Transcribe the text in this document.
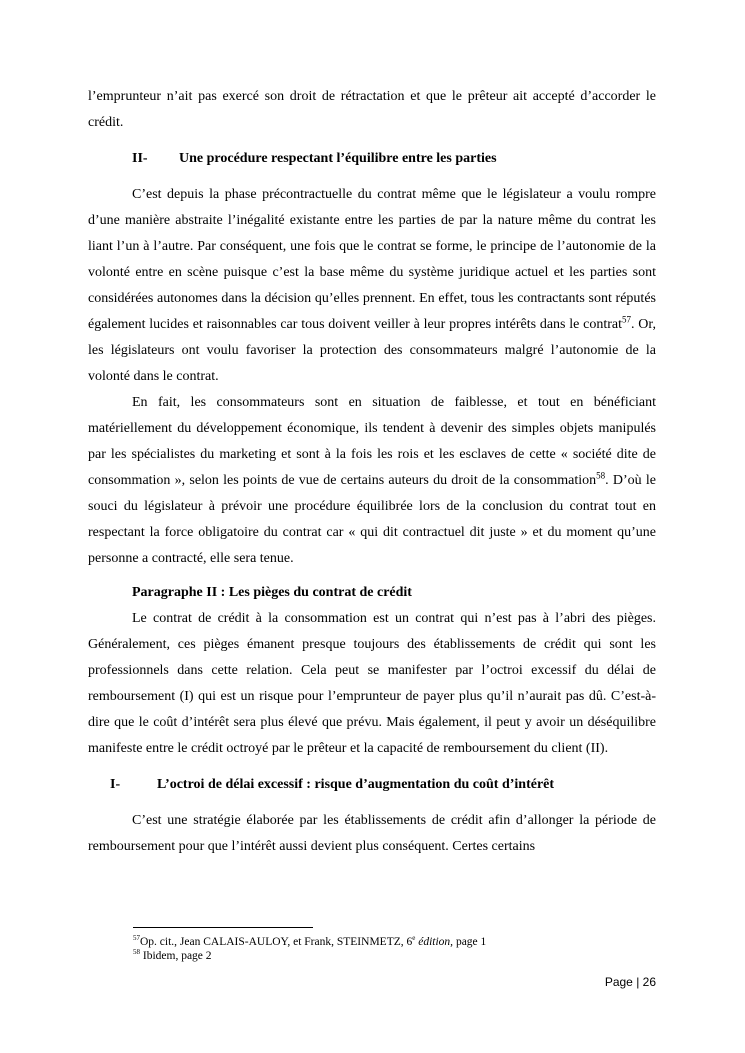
l’emprunteur n’ait pas exercé son droit de rétractation et que le prêteur ait accepté d’accorder le crédit.

II-	Une procédure respectant l’équilibre entre les parties

C’est depuis la phase précontractuelle du contrat même que le législateur a voulu rompre d’une manière abstraite l’inégalité existante entre les parties de par la nature même du contrat les liant l’un à l’autre. Par conséquent, une fois que le contrat se forme, le principe de l’autonomie de la volonté entre en scène puisque c’est la base même du système juridique actuel et les parties sont considérées autonomes dans la décision qu’elles prennent. En effet, tous les contractants sont réputés également lucides et raisonnables car tous doivent veiller à leur propres intérêts dans le contrat$^{57}$. Or, les législateurs ont voulu favoriser la protection des consommateurs malgré l’autonomie de la volonté dans le contrat.

En fait, les consommateurs sont en situation de faiblesse, et tout en bénéficiant matériellement du développement économique, ils tendent à devenir des simples objets manipulés par les spécialistes du marketing et sont à la fois les rois et les esclaves de cette « société dite de consommation », selon les points de vue de certains auteurs du droit de la consommation$^{58}$. D’où le souci du législateur à prévoir une procédure équilibrée lors de la conclusion du contrat tout en respectant la force obligatoire du contrat car « qui dit contractuel dit juste » et du moment qu’une personne a contracté, elle sera tenue.

Paragraphe II : Les pièges du contrat de crédit

Le contrat de crédit à la consommation est un contrat qui n’est pas à l’abri des pièges. Généralement, ces pièges émanent presque toujours des établissements de crédit qui sont les professionnels dans cette relation. Cela peut se manifester par l’octroi excessif du délai de remboursement (I) qui est un risque pour l’emprunteur de payer plus qu’il n’aurait pas dû. C’est-à-dire que le coût d’intérêt sera plus élevé que prévu. Mais également, il peut y avoir un déséquilibre manifeste entre le crédit octroyé par le prêteur et la capacité de remboursement du client (II).

I-	L’octroi de délai excessif : risque d’augmentation du coût d’intérêt

C’est une stratégie élaborée par les établissements de crédit afin d’allonger la période de remboursement pour que l’intérêt aussi devient plus conséquent. Certes certains

$^{57}$Op. cit., Jean CALAIS-AULOY, et Frank, STEINMETZ, 6e édition, page 1

$^{58}$ Ibidem, page 2

Page | 26
